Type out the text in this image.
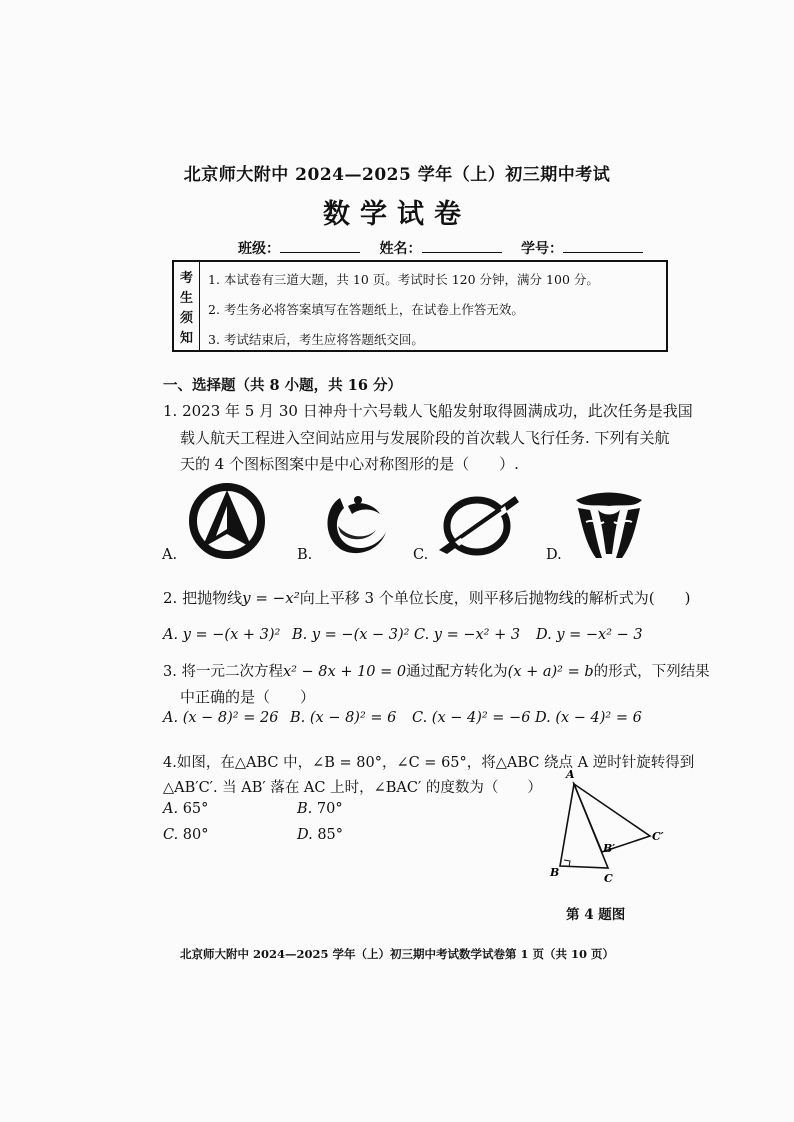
北京师大附中 2024—2025 学年（上）初三期中考试
数学试卷
班级：	姓名：	学号：
考
生
须
知
1. 本试卷有三道大题，共 10 页。考试时长 120 分钟，满分 100 分。
2. 考生务必将答案填写在答题纸上，在试卷上作答无效。
3. 考试结束后，考生应将答题纸交回。
一、选择题（共 8 小题，共 16 分）
1. 2023 年 5 月 30 日神舟十六号载人飞船发射取得圆满成功，此次任务是我国
载人航天工程进入空间站应用与发展阶段的首次载人飞行任务. 下列有关航
天的 4 个图标图案中是中心对称图形的是（　　）.
A.	B.	C.	D.
2. 把抛物线y = −x²向上平移 3 个单位长度，则平移后抛物线的解析式为(　　)
A. y = −(x + 3)² B. y = −(x − 3)² C. y = −x² + 3 D. y = −x² − 3
3. 将一元二次方程x² − 8x + 10 = 0通过配方转化为(x + a)² = b的形式，下列结果
中正确的是（　　）
A. (x − 8)² = 26 B. (x − 8)² = 6 C. (x − 4)² = −6 D. (x − 4)² = 6
4.如图，在△ABC 中，∠B = 80°，∠C = 65°，将△ABC 绕点 A 逆时针旋转得到
△AB′C′. 当 AB′ 落在 AC 上时，∠BAC′ 的度数为（　　）
A. 65°	B. 70°
C. 80°	D. 85°
A
B	C
B′
C′
第 4 题图
北京师大附中 2024—2025 学年（上）初三期中考试数学试卷第 1 页（共 10 页）
